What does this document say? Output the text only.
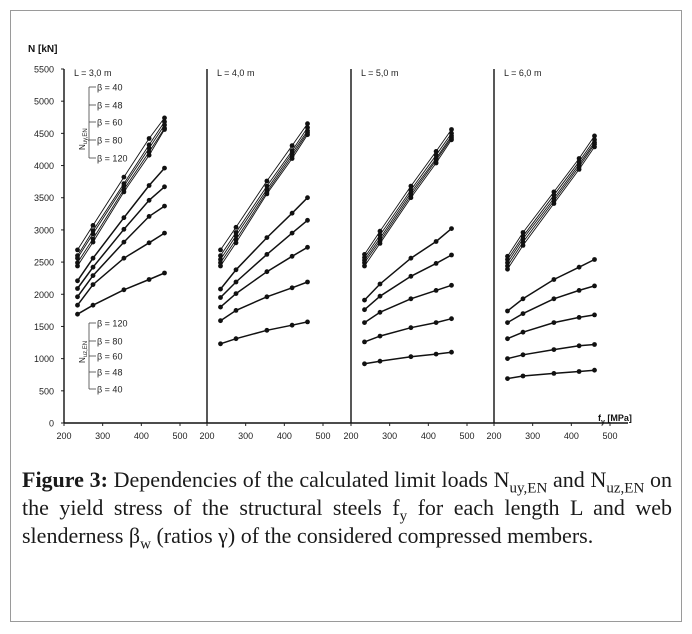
N [kN]
0
500
1000
1500
2000
2500
3000
3500
4000
4500
5000
5500
$f_y$ [MPa]
200	300	400	500
L = 3,0 m
200	300	400	500
L = 4,0 m
200	300	400	500
L = 5,0 m
200	300	400	500
L = 6,0 m
β = 40
β = 48
β = 60
β = 80
β = 120
$N_{uy,EN}$
β = 120
β = 80
β = 60
β = 48
β = 40
$N_{uz,EN}$
Figure 3: Dependencies of the calculated limit loads $N_{uy,EN}$ and $N_{uz,EN}$ on the yield stress of the structural steels $f_y$ for each length L and web slenderness $\beta_w$ (ratios γ) of the considered compressed members.
